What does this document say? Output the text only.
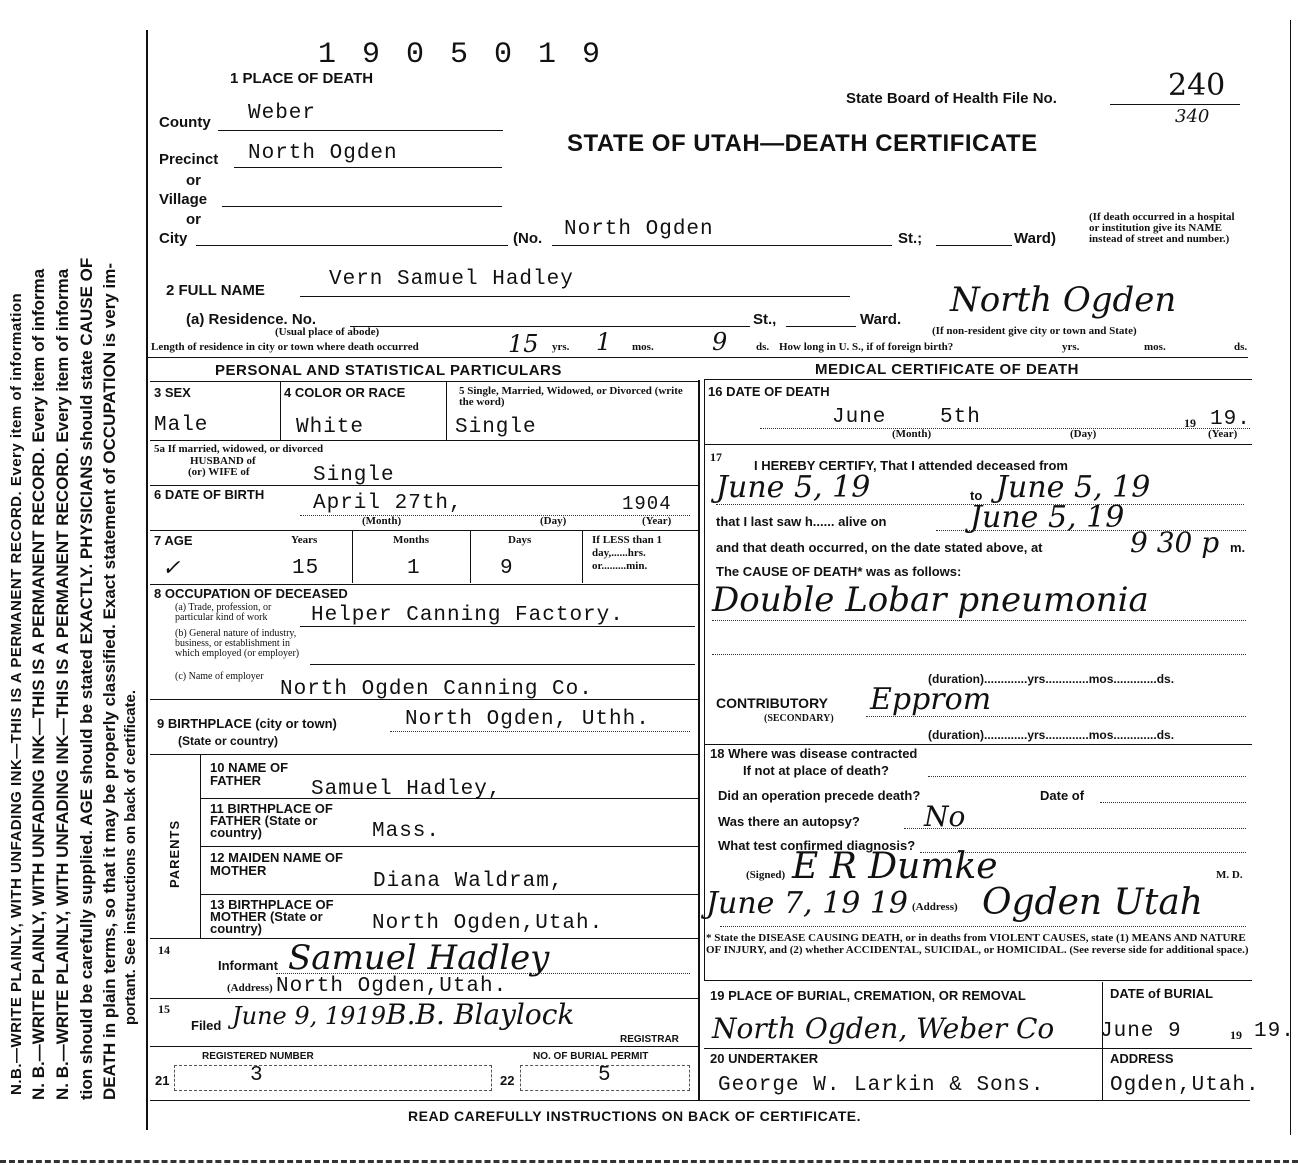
N.B.—WRITE PLAINLY, WITH UNFADING INK—THIS IS A PERMANENT RECORD. Every item of information N. B.—WRITE PLAINLY, WITH UNFADING INK—THIS IS A PERMANENT RECORD. Every item of informa N. B.—WRITE PLAINLY, WITH UNFADING INK—THIS IS A PERMANENT RECORD. Every item of informa tion should be carefully supplied. AGE should be stated EXACTLY. PHYSICIANS should state CAUSE OF DEATH in plain terms, so that it may be properly classified. Exact statement of OCCUPATION is very im- portant. See instructions on back of certificate.
1 9 0 5 0 1 9
1 PLACE OF DEATH
State Board of Health File No.	240
340
STATE OF UTAH—DEATH CERTIFICATE
County Weber
Precinct North Ogden
or
Village
or
City	(No. North Ogden	St.;	Ward)
(If death occurred in a hospital or institution give its NAME instead of street and number.)
2 FULL NAME	Vern Samuel Hadley
(a) Residence. No.	St.,	Ward. North Ogden
(Usual place of abode)	(If non-resident give city or town and State)
Length of residence in city or town where death occurred	15 yrs. 1 mos. 9	ds. How long in U. S., if of foreign birth?	yrs.	mos.	ds.
PERSONAL AND STATISTICAL PARTICULARS	MEDICAL CERTIFICATE OF DEATH
3 SEX	4 COLOR OR RACE	5 Single, Married, Widowed, or Divorced (write the word)
Male	White	Single
5a If married, widowed, or divorced
HUSBAND of
(or) WIFE of	Single
6 DATE OF BIRTH April 27th,	1904
(Month)	(Day)	(Year)
7 AGE	Years	Months	Days	If LESS than 1 day,......hrs. or.........min.
✓	15	1	9
8 OCCUPATION OF DECEASED
(a) Trade, profession, or particular kind of work	Helper Canning Factory.
(b) General nature of industry, business, or establishment in which employed (or employer)
(c) Name of employer
North Ogden Canning Co.
9 BIRTHPLACE (city or town)	North Ogden, Uthh.
(State or country)
PARENTS
10 NAME OF FATHER	Samuel Hadley,
11 BIRTHPLACE OF FATHER (State or country)	Mass.
12 MAIDEN NAME OF MOTHER	Diana Waldram,
13 BIRTHPLACE OF MOTHER (State or country)	North Ogden,Utah.
14
Informant Samuel Hadley
(Address) North Ogden,Utah.
15
Filed June 9, 1919 B.B. Blaylock
REGISTRAR
REGISTERED NUMBER	NO. OF BURIAL PERMIT
21	3	22	5
16 DATE OF DEATH
June	5th	19 19.
(Month)	(Day)	(Year)
17
I HEREBY CERTIFY, That I attended deceased from
June 5, 19	to June 5, 19
that I last saw h...... alive on	June 5, 19
and that death occurred, on the date stated above, at	9 30 p m.
The CAUSE OF DEATH* was as follows:
Double Lobar pneumonia
(duration).............yrs.............mos.............ds.
CONTRIBUTORY
(SECONDARY)
Epprom
(duration).............yrs.............mos.............ds.
18 Where was disease contracted
If not at place of death?
Did an operation precede death?	Date of
Was there an autopsy? No
What test confirmed diagnosis?
(Signed) E R Dumke	M. D.
June 7, 19 19 (Address) Ogden Utah
* State the DISEASE CAUSING DEATH, or in deaths from VIOLENT CAUSES, state (1) MEANS AND NATURE OF INJURY, and (2) whether ACCIDENTAL, SUICIDAL, or HOMICIDAL. (See reverse side for additional space.)
19 PLACE OF BURIAL, CREMATION, OR REMOVAL
North Ogden, Weber Co
DATE of BURIAL
June 9	19 19.
20 UNDERTAKER
George W. Larkin & Sons.
ADDRESS
Ogden,Utah.
READ CAREFULLY INSTRUCTIONS ON BACK OF CERTIFICATE.
